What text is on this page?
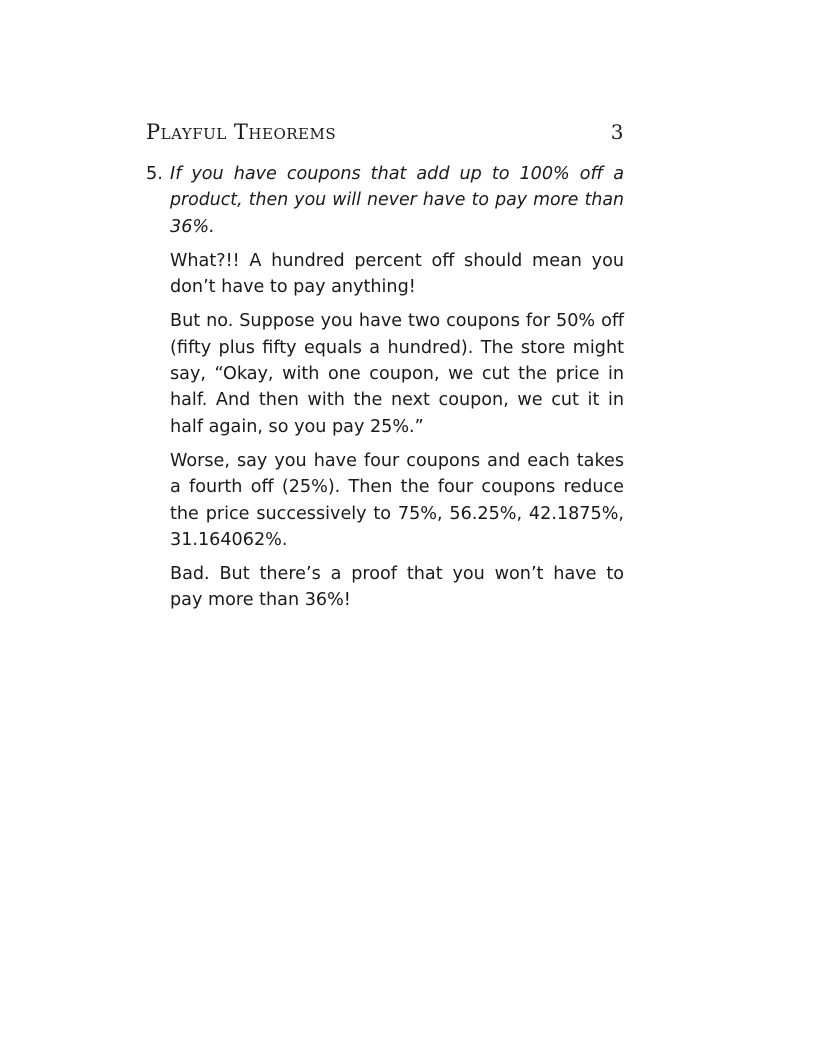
Playful Theorems	3
5. If you have coupons that add up to 100% off a
product, then you will never have to pay more than
36%.
What?!! A hundred percent off should mean you
don’t have to pay anything!
But no. Suppose you have two coupons for 50% off
(fifty plus fifty equals a hundred). The store might
say, “Okay, with one coupon, we cut the price in
half. And then with the next coupon, we cut it in
half again, so you pay 25%.”
Worse, say you have four coupons and each takes
a fourth off (25%). Then the four coupons reduce
the price successively to 75%, 56.25%, 42.1875%,
31.164062%.
Bad. But there’s a proof that you won’t have to
pay more than 36%!
